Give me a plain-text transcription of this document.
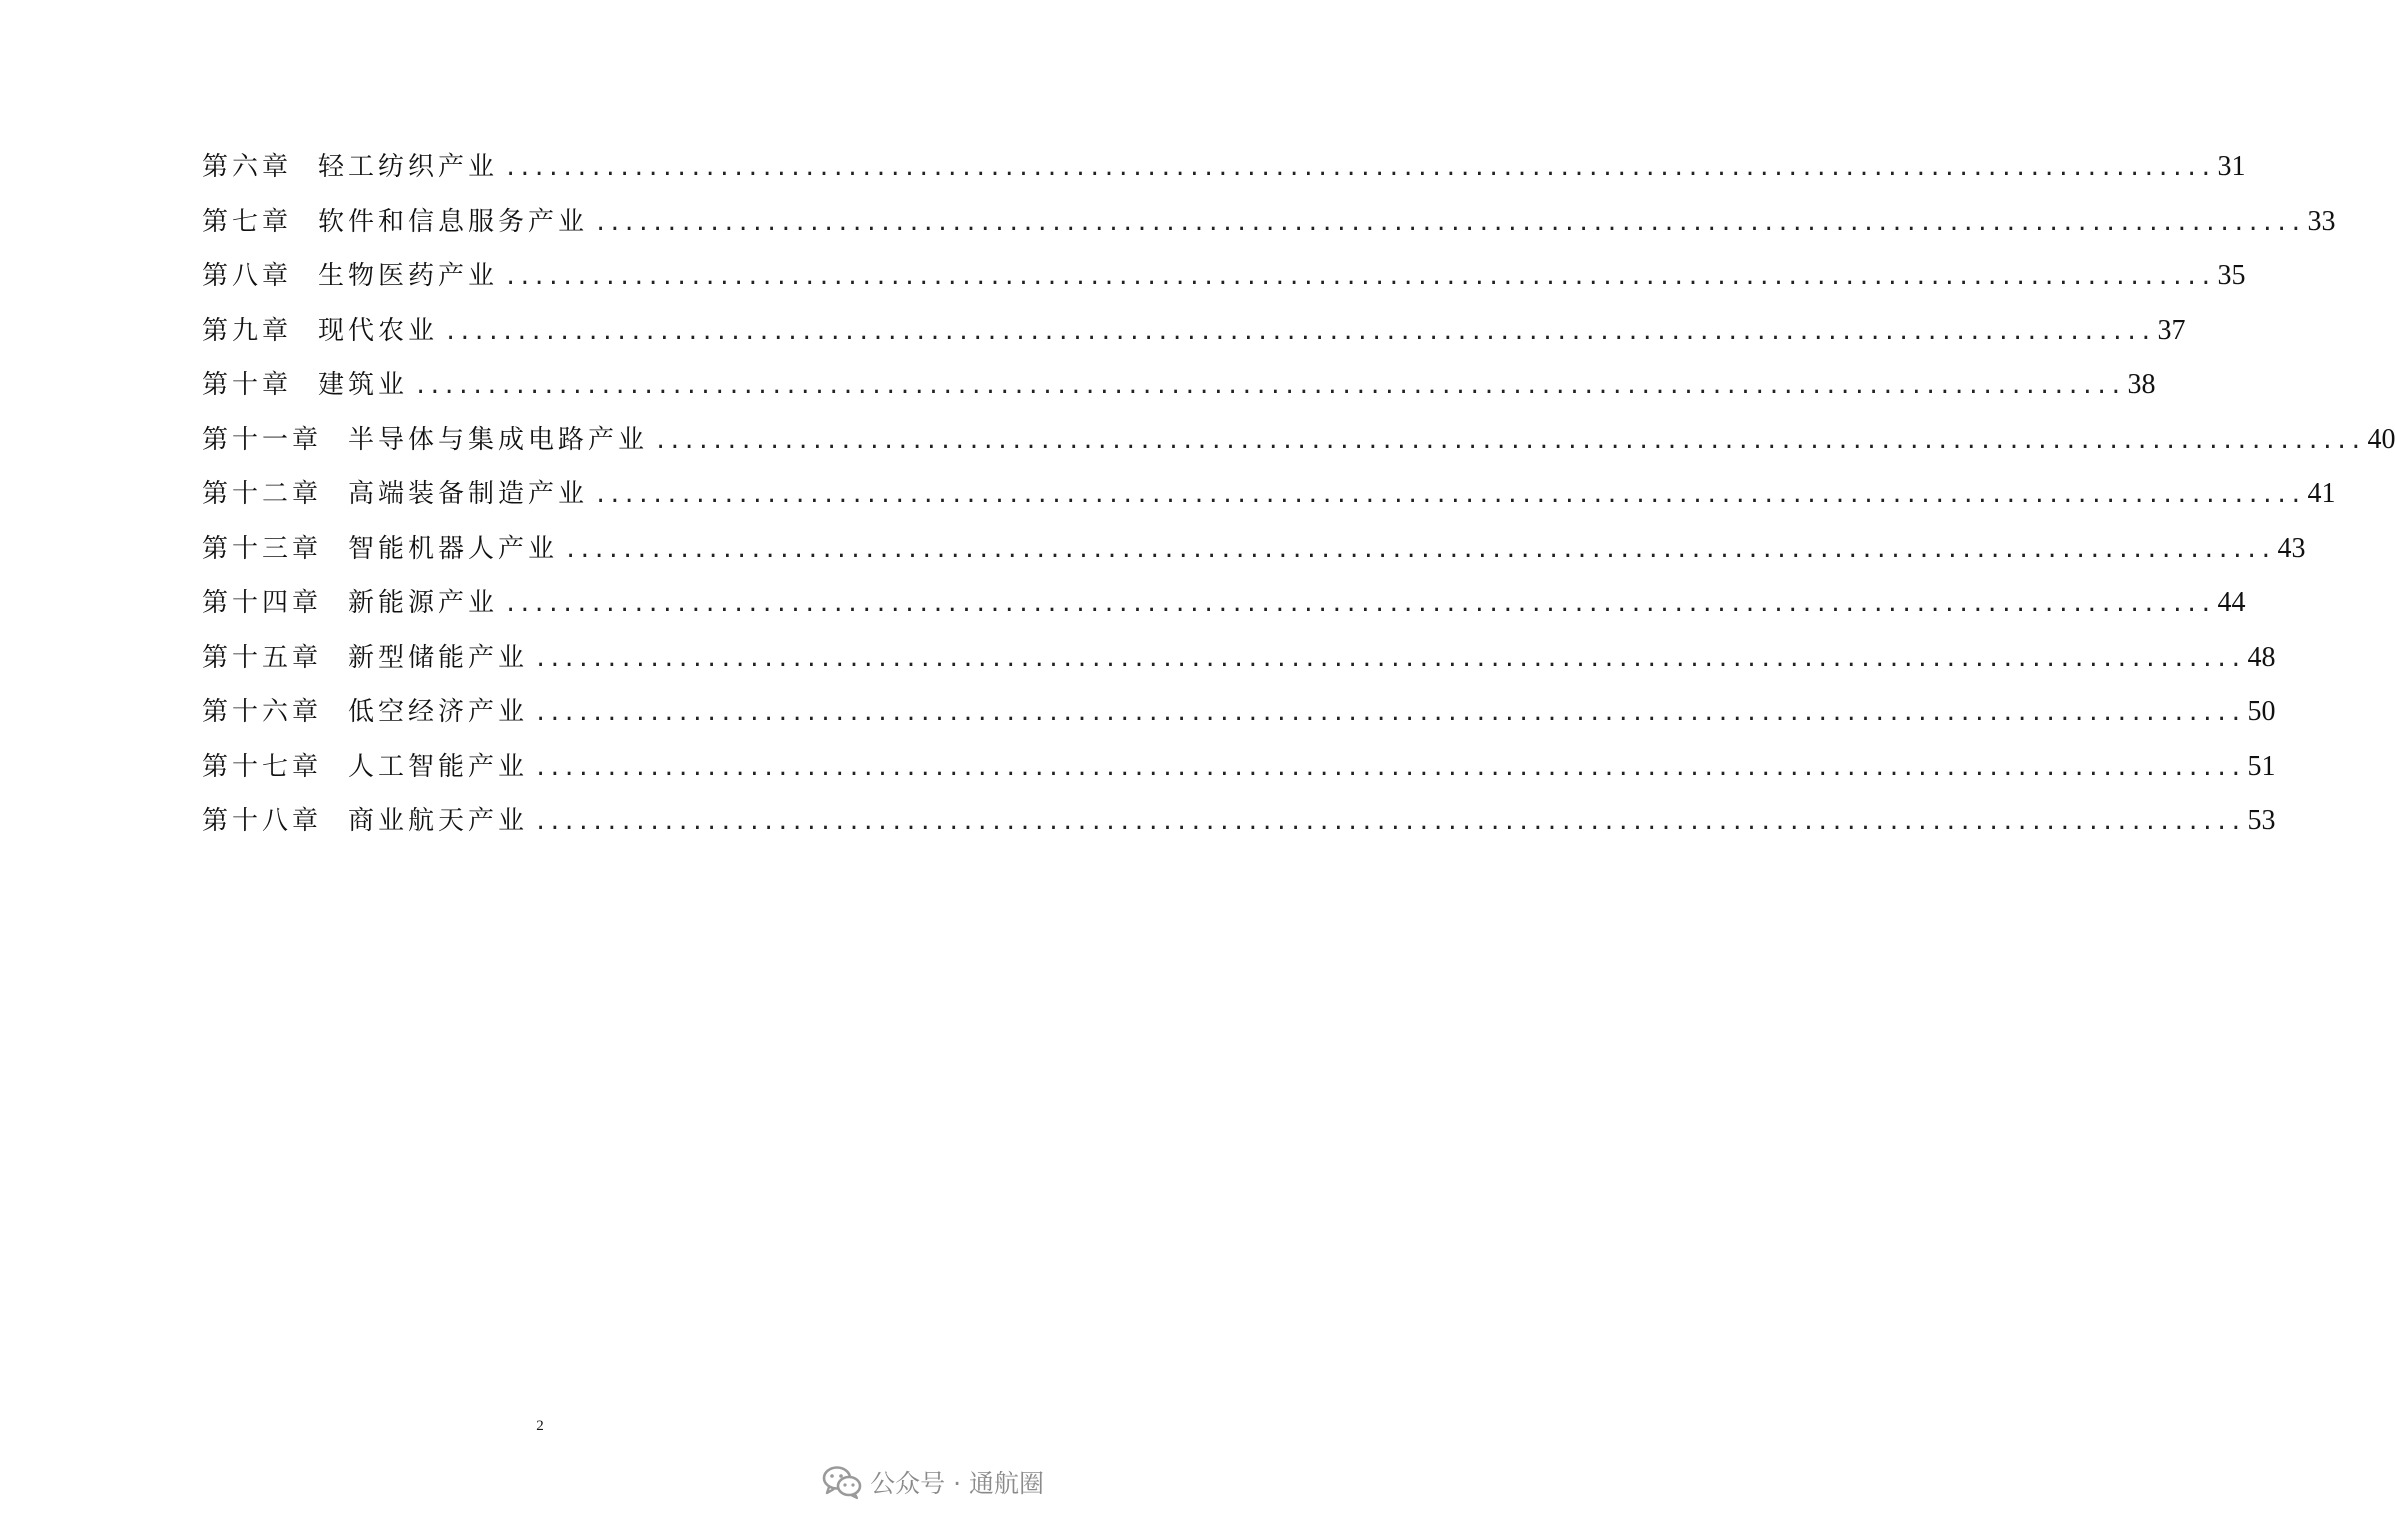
第六章 轻工纺织产业 ........................................................................................................................ 31
第七章 软件和信息服务产业 ........................................................................................................................ 33
第八章 生物医药产业 ........................................................................................................................ 35
第九章 现代农业 ........................................................................................................................ 37
第十章 建筑业 ........................................................................................................................ 38
第十一章 半导体与集成电路产业 ........................................................................................................................ 40
第十二章 高端装备制造产业 ........................................................................................................................ 41
第十三章 智能机器人产业 ........................................................................................................................ 43
第十四章 新能源产业 ........................................................................................................................ 44
第十五章 新型储能产业 ........................................................................................................................ 48
第十六章 低空经济产业 ........................................................................................................................ 50
第十七章 人工智能产业 ........................................................................................................................ 51
第十八章 商业航天产业 ........................................................................................................................ 53
2
公众号 · 通航圈
